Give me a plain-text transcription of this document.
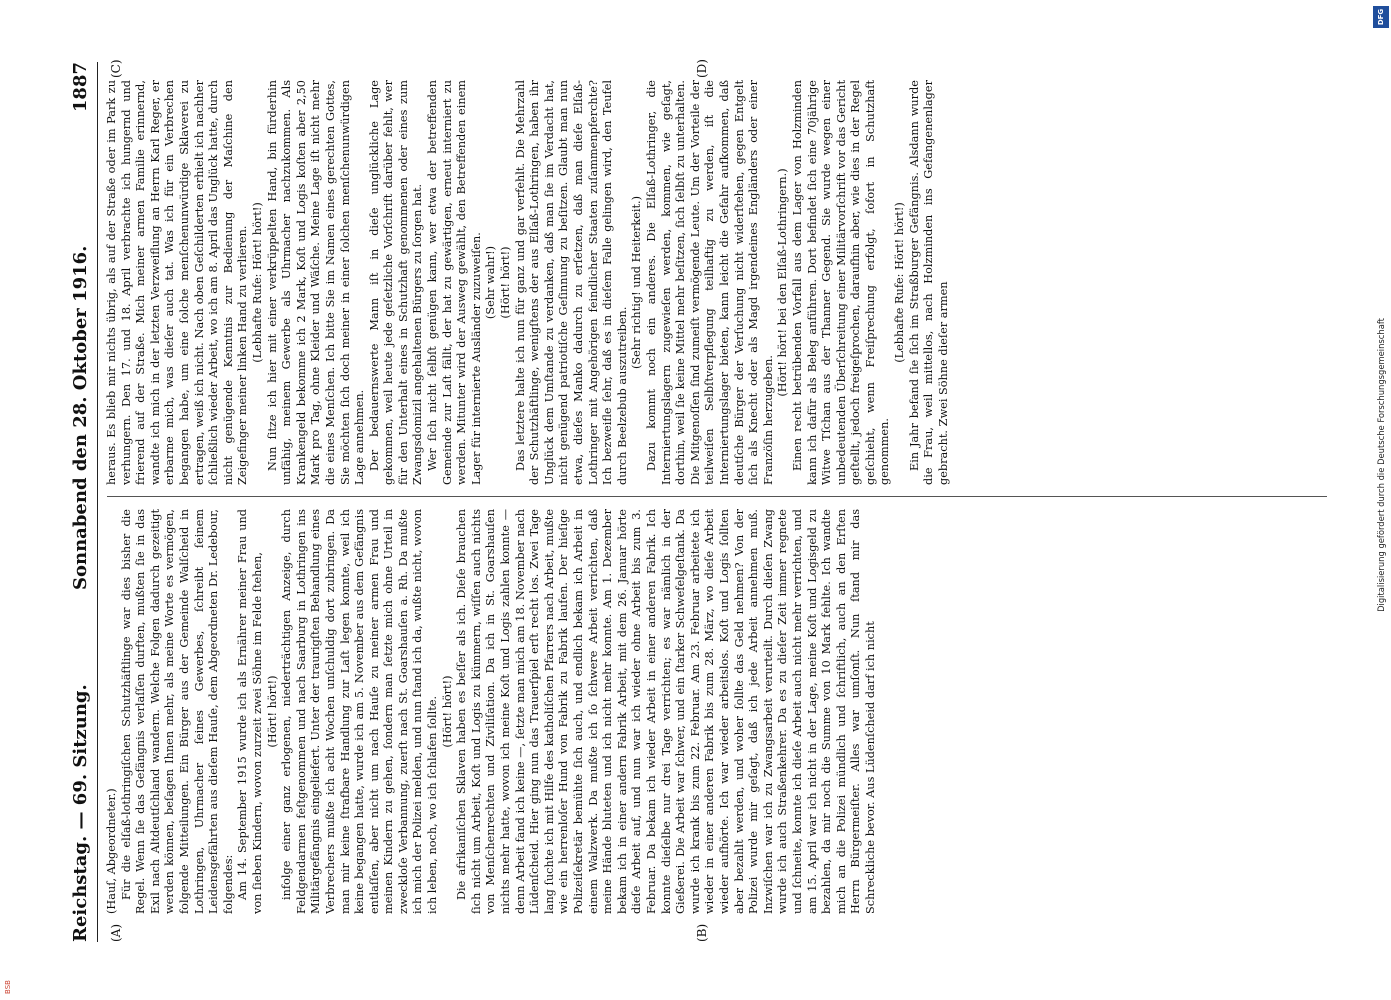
Reichstag. — 69. Sitzung.
Sonnabend den 28. Oktober 1916.
1887
(A)	(B)
(C)	(D)

(Hauſ, Abgeordneter.) Für die elſaß-lothringiſchen Schutzhäftlinge war dies bisher die Regel. Wenn ſie das Gefängnis verlaſſen durften, mußten ſie in das Exil nach Altdeutſchland wandern. Welche Folgen dadurch gezeitigt werden können, beſagen Ihnen mehr, als meine Worte es vermögen, folgende Mitteilungen. Ein Bürger aus der Gemeinde Walſcheid in Lothringen, Uhrmacher ſeines Gewerbes, ſchreibt ſeinem Leidensgefährten aus dieſem Hauſe, dem Abgeordneten Dr. Ledebour, folgendes: Am 14. September 1915 wurde ich als Ernährer meiner Frau und von ſieben Kindern, wovon zurzeit zwei Söhne im Felde ſtehen, (Hört! hört!) infolge einer ganz erlogenen, niederträchtigen Anzeige, durch Feldgendarmen feſtgenommen und nach Saarburg in Lothringen ins Militärgefängnis eingeliefert. Unter der traurigſten Behandlung eines Verbrechers mußte ich acht Wochen unſchuldig dort zubringen. Da man mir keine ſtrafbare Handlung zur Laſt legen konnte, weil ich keine begangen hatte, wurde ich am 5. November aus dem Gefängnis entlaſſen, aber nicht um nach Hauſe zu meiner armen Frau und meinen Kindern zu gehen, ſondern man ſetzte mich ohne Urteil in zweckloſe Verbannung, zuerſt nach St. Goarshauſen a. Rh. Da mußte ich mich der Polizei melden, und nun ſtand ich da, wußte nicht, wovon ich leben, noch, wo ich ſchlafen ſollte. (Hört! hört!) Die afrikaniſchen Sklaven haben es beſſer als ich. Dieſe brauchen ſich nicht um Arbeit, Koſt und Logis zu kümmern, wiſſen auch nichts von Menſchenrechten und Ziviliſation. Da ich in St. Goarshauſen nichts mehr hatte, wovon ich meine Koſt und Logis zahlen konnte — denn Arbeit fand ich keine —, ſetzte man mich am 18. November nach Lüdenſcheid. Hier ging nun das Trauerſpiel erſt recht los. Zwei Tage lang ſuchte ich mit Hilfe des katholiſchen Pfarrers nach Arbeit, mußte wie ein herrenloſer Hund von Fabrik zu Fabrik laufen. Der hieſige Polizeiſekretär bemühte ſich auch, und endlich bekam ich Arbeit in einem Walzwerk. Da mußte ich ſo ſchwere Arbeit verrichten, daß meine Hände bluteten und ich nicht mehr konnte. Am 1. Dezember bekam ich in einer andern Fabrik Arbeit, mit dem 26. Januar hörte dieſe Arbeit auf, und nun war ich wieder ohne Arbeit bis zum 3. Februar. Da bekam ich wieder Arbeit in einer anderen Fabrik. Ich konnte dieſelbe nur drei Tage verrichten; es war nämlich in der Gießerei. Die Arbeit war ſchwer, und ein ſtarker Schwefelgeſtank. Da wurde ich krank bis zum 22. Februar. Am 23. Februar arbeitete ich wieder in einer anderen Fabrik bis zum 28. März, wo dieſe Arbeit wieder aufhörte. Ich war wieder arbeitslos. Koſt und Logis ſollten aber bezahlt werden, und woher ſollte das Geld nehmen? Von der Polizei wurde mir geſagt, daß ich jede Arbeit annehmen muß. Inzwiſchen war ich zu Zwangsarbeit verurteilt. Durch dieſen Zwang wurde ich auch Straßenkehrer. Da es zu dieſer Zeit immer regnete und ſchneite, konnte ich dieſe Arbeit auch nicht mehr verrichten, und am 15. April war ich nicht in der Lage, meine Koſt und Logisgeld zu bezahlen, da mir noch die Summe von 10 Mark fehlte. Ich wandte mich an die Polizei mündlich und ſchriftlich, auch an den Erſten Herrn Bürgermeiſter. Alles war umſonſt. Nun ſtand mir das Schreckliche bevor. Aus Lüdenſcheid darf ich nicht

heraus. Es blieb mir nichts übrig, als auf der Straße oder im Park zu verhungern. Den 17. und 18. April verbrachte ich hungernd und frierend auf der Straße. Mich meiner armen Familie erinnernd, wandte ich mich in der letzten Verzweiflung an Herrn Karl Reger, er erbarme mich, was dieſer auch tat. Was ich für ein Verbrechen begangen habe, um eine ſolche menſchenunwürdige Sklaverei zu ertragen, weiß ich nicht. Nach oben Geſchilderten erhielt ich nachher ſchließlich wieder Arbeit, wo ich am 8. April das Unglück hatte, durch nicht genügende Kenntnis zur Bedienung der Maſchine den Zeigefinger meiner linken Hand zu verlieren. (Lebhafte Rufe: Hört! hört!) Nun ſitze ich hier mit einer verkrüppelten Hand, bin fürderhin unfähig, meinem Gewerbe als Uhrmacher nachzukommen. Als Krankengeld bekomme ich 2 Mark, Koſt und Logis koſten aber 2,50 Mark pro Tag, ohne Kleider und Wäſche. Meine Lage iſt nicht mehr die eines Menſchen. Ich bitte Sie im Namen eines gerechten Gottes, Sie möchten ſich doch meiner in einer ſolchen menſchenunwürdigen Lage annehmen. Der bedauernswerte Mann iſt in dieſe unglückliche Lage gekommen, weil heute jede geſetzliche Vorſchrift darüber fehlt, wer für den Unterhalt eines in Schutzhaft genommenen oder eines zum Zwangsdomizil angehaltenen Bürgers zu ſorgen hat. Wer ſich nicht ſelbſt genügen kann, wer etwa der betreffenden Gemeinde zur Laſt fällt, der hat zu gewärtigen, erneut interniert zu werden. Mitunter wird der Ausweg gewählt, den Betreffenden einem Lager für internierte Ausländer zuzuweiſen. (Sehr wahr!) (Hört! hört!) Das letztere halte ich nun für ganz und gar verfehlt. Die Mehrzahl der Schutzhäftlinge, wenigſtens der aus Elſaß-Lothringen, haben ihr Unglück dem Umſtande zu verdanken, daß man ſie im Verdacht hat, nicht genügend patriotiſche Geſinnung zu beſitzen. Glaubt man nun etwa, dieſes Manko dadurch zu erſetzen, daß man dieſe Elſaß-Lothringer mit Angehörigen feindlicher Staaten zuſammenpferchte? Ich bezweifle ſehr, daß es in dieſem Falle gelingen wird, den Teufel durch Beelzebub auszutreiben.

(Sehr richtig! und Heiterkeit.) Dazu kommt noch ein anderes. Die Elſaß-Lothringer, die Interniertungslagern zugewieſen werden, kommen, wie geſagt, dorthin, weil ſie keine Mittel mehr beſitzen, ſich ſelbſt zu unterhalten. Die Mitgenoſſen ſind zumeiſt vermögende Leute. Um der Vorteile der teilweiſen Selbſtverpflegung teilhaftig zu werden, iſt die Interniertungslager bieten, kann leicht die Gefahr aufkommen, daß deutſche Bürger der Verſuchung nicht widerſtehen, gegen Entgelt ſich als Knecht oder als Magd irgendeines Engländers oder einer Franzöſin herzugeben.

(Hört! hört! bei den Elſaß-Lothringern.) Einen recht betrübenden Vorfall aus dem Lager von Holzminden kann ich dafür als Beleg anführen. Dort befindet ſich eine 70jährige Witwe Tſchan aus der Thanner Gegend. Sie wurde wegen einer unbedeutenden Überſchreitung einer Militärvorſchrift vor das Gericht geſtellt, jedoch freigeſprochen, daraufhin aber, wie dies in der Regel geſchieht, wenn Freiſprechung erfolgt, ſofort in Schutzhaft genommen.

(Lebhafte Rufe: Hört! hört!) Ein Jahr befand ſie ſich im Straßburger Gefängnis. Alsdann wurde die Frau, weil mittellos, nach Holzminden ins Gefangenenlager gebracht. Zwei Söhne dieſer armen

DFG
Digitalisierung gefördert durch die Deutsche Forschungsgemeinschaft
BSB
